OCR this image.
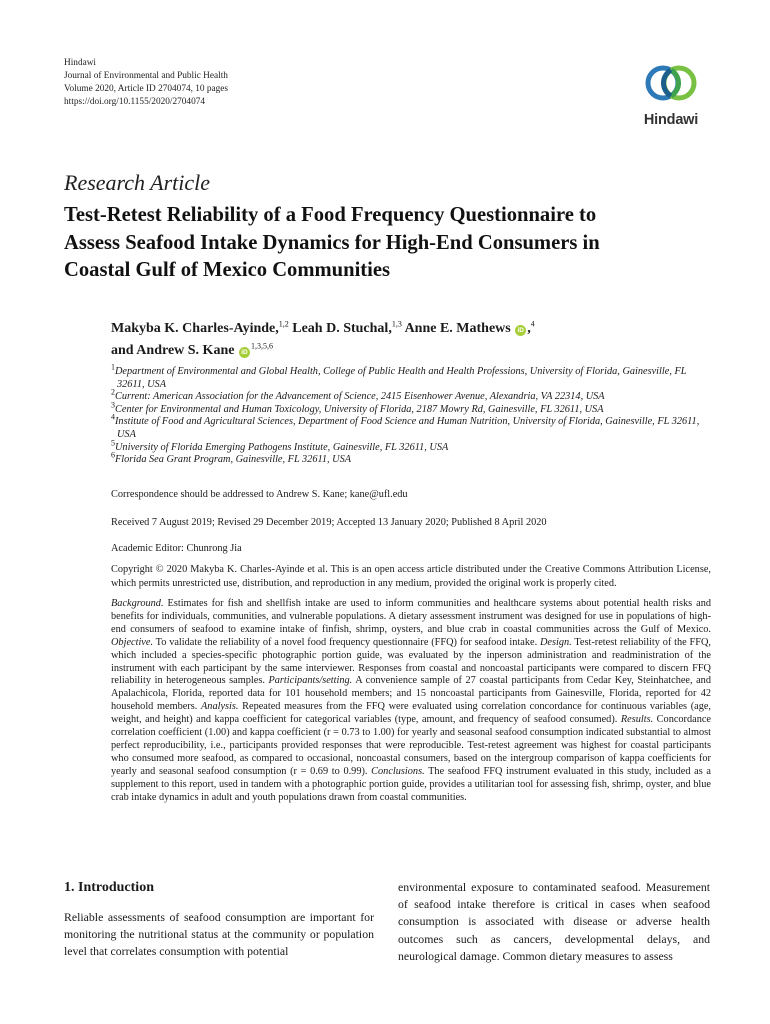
Hindawi
Journal of Environmental and Public Health
Volume 2020, Article ID 2704074, 10 pages
https://doi.org/10.1155/2020/2704074
Hindawi
Research Article
Test-Retest Reliability of a Food Frequency Questionnaire to
Assess Seafood Intake Dynamics for High-End Consumers in
Coastal Gulf of Mexico Communities
Makyba K. Charles-Ayinde,$^{1,2}$ Leah D. Stuchal,$^{1,3}$ Anne E. Mathews iD ,$^4$
and Andrew S. Kane iD$^{1,3,5,6}$
$^1$Department of Environmental and Global Health, College of Public Health and Health Professions, University of Florida, Gainesville, FL 32611, USA
$^2$Current: American Association for the Advancement of Science, 2415 Eisenhower Avenue, Alexandria, VA 22314, USA
$^3$Center for Environmental and Human Toxicology, University of Florida, 2187 Mowry Rd, Gainesville, FL 32611, USA
$^4$Institute of Food and Agricultural Sciences, Department of Food Science and Human Nutrition, University of Florida, Gainesville, FL 32611, USA
$^5$University of Florida Emerging Pathogens Institute, Gainesville, FL 32611, USA
$^6$Florida Sea Grant Program, Gainesville, FL 32611, USA
Correspondence should be addressed to Andrew S. Kane; kane@ufl.edu
Received 7 August 2019; Revised 29 December 2019; Accepted 13 January 2020; Published 8 April 2020
Academic Editor: Chunrong Jia
Copyright © 2020 Makyba K. Charles-Ayinde et al. This is an open access article distributed under the Creative Commons Attribution License, which permits unrestricted use, distribution, and reproduction in any medium, provided the original work is properly cited.
Background. Estimates for fish and shellfish intake are used to inform communities and healthcare systems about potential health risks and benefits for individuals, communities, and vulnerable populations. A dietary assessment instrument was designed for use in populations of high-end consumers of seafood to examine intake of finfish, shrimp, oysters, and blue crab in coastal communities across the Gulf of Mexico. Objective. To validate the reliability of a novel food frequency questionnaire (FFQ) for seafood intake. Design. Test-retest reliability of the FFQ, which included a species-specific photographic portion guide, was evaluated by the inperson administration and readministration of the instrument with each participant by the same interviewer. Responses from coastal and noncoastal participants were compared to discern FFQ reliability in heterogeneous samples. Participants/setting. A convenience sample of 27 coastal participants from Cedar Key, Steinhatchee, and Apalachicola, Florida, reported data for 101 household members; and 15 noncoastal participants from Gainesville, Florida, reported for 42 household members. Analysis. Repeated measures from the FFQ were evaluated using correlation concordance for continuous variables (age, weight, and height) and kappa coefficient for categorical variables (type, amount, and frequency of seafood consumed). Results. Concordance correlation coefficient (1.00) and kappa coefficient (r = 0.73 to 1.00) for yearly and seasonal seafood consumption indicated substantial to almost perfect reproducibility, i.e., participants provided responses that were reproducible. Test-retest agreement was highest for coastal participants who consumed more seafood, as compared to occasional, noncoastal consumers, based on the intergroup comparison of kappa coefficients for yearly and seasonal seafood consumption (r = 0.69 to 0.99). Conclusions. The seafood FFQ instrument evaluated in this study, included as a supplement to this report, used in tandem with a photographic portion guide, provides a utilitarian tool for assessing fish, shrimp, oyster, and blue crab intake dynamics in adult and youth populations drawn from coastal communities.
1. Introduction
Reliable assessments of seafood consumption are important for monitoring the nutritional status at the community or population level that correlates consumption with potential
environmental exposure to contaminated seafood. Measurement of seafood intake therefore is critical in cases when seafood consumption is associated with disease or adverse health outcomes such as cancers, developmental delays, and neurological damage. Common dietary measures to assess
